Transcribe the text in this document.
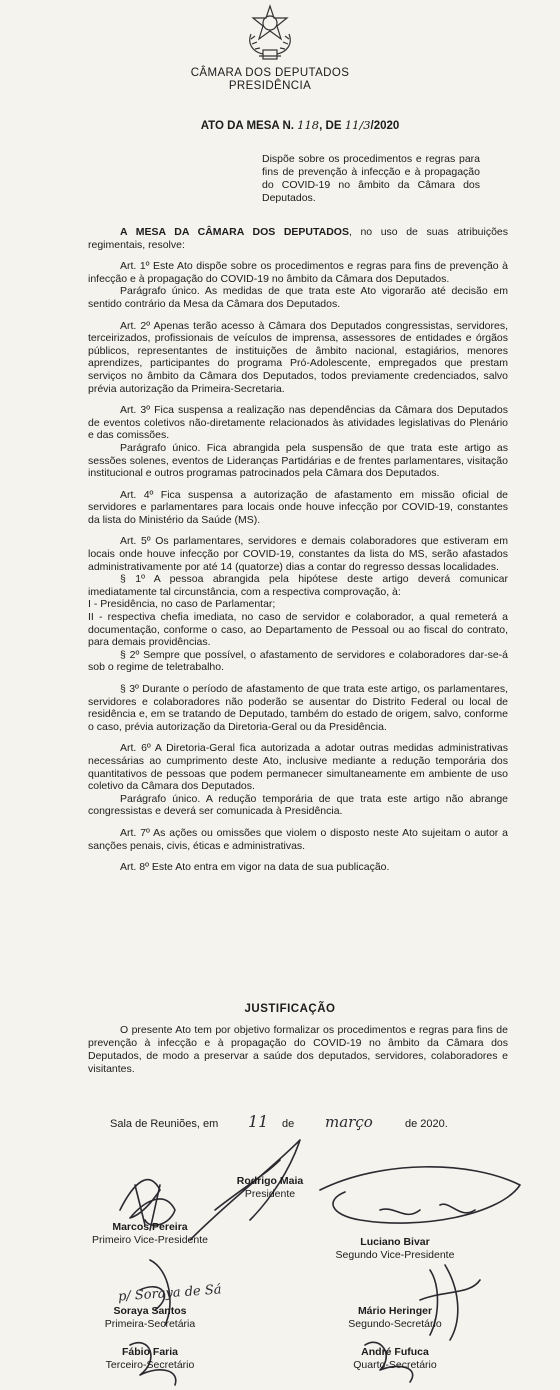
CÂMARA DOS DEPUTADOS
PRESIDÊNCIA
ATO DA MESA N. 118, DE 11/3/2020
Dispõe sobre os procedimentos e regras para fins de prevenção à infecção e à propagação do COVID-19 no âmbito da Câmara dos Deputados.

A MESA DA CÂMARA DOS DEPUTADOS, no uso de suas atribuições regimentais, resolve:

Art. 1º Este Ato dispõe sobre os procedimentos e regras para fins de prevenção à infecção e à propagação do COVID-19 no âmbito da Câmara dos Deputados.

Parágrafo único. As medidas de que trata este Ato vigorarão até decisão em sentido contrário da Mesa da Câmara dos Deputados.

Art. 2º Apenas terão acesso à Câmara dos Deputados congressistas, servidores, terceirizados, profissionais de veículos de imprensa, assessores de entidades e órgãos públicos, representantes de instituições de âmbito nacional, estagiários, menores aprendizes, participantes do programa Pró-Adolescente, empregados que prestam serviços no âmbito da Câmara dos Deputados, todos previamente credenciados, salvo prévia autorização da Primeira-Secretaria.

Art. 3º Fica suspensa a realização nas dependências da Câmara dos Deputados de eventos coletivos não-diretamente relacionados às atividades legislativas do Plenário e das comissões.

Parágrafo único. Fica abrangida pela suspensão de que trata este artigo as sessões solenes, eventos de Lideranças Partidárias e de frentes parlamentares, visitação institucional e outros programas patrocinados pela Câmara dos Deputados.

Art. 4º Fica suspensa a autorização de afastamento em missão oficial de servidores e parlamentares para locais onde houve infecção por COVID-19, constantes da lista do Ministério da Saúde (MS).

Art. 5º Os parlamentares, servidores e demais colaboradores que estiveram em locais onde houve infecção por COVID-19, constantes da lista do MS, serão afastados administrativamente por até 14 (quatorze) dias a contar do regresso dessas localidades.

§ 1º A pessoa abrangida pela hipótese deste artigo deverá comunicar imediatamente tal circunstância, com a respectiva comprovação, à:

I - Presidência, no caso de Parlamentar;

II - respectiva chefia imediata, no caso de servidor e colaborador, a qual remeterá a documentação, conforme o caso, ao Departamento de Pessoal ou ao fiscal do contrato, para demais providências.

§ 2º Sempre que possível, o afastamento de servidores e colaboradores dar-se-á sob o regime de teletrabalho.

§ 3º Durante o período de afastamento de que trata este artigo, os parlamentares, servidores e colaboradores não poderão se ausentar do Distrito Federal ou local de residência e, em se tratando de Deputado, também do estado de origem, salvo, conforme o caso, prévia autorização da Diretoria-Geral ou da Presidência.

Art. 6º A Diretoria-Geral fica autorizada a adotar outras medidas administrativas necessárias ao cumprimento deste Ato, inclusive mediante a redução temporária dos quantitativos de pessoas que podem permanecer simultaneamente em ambiente de uso coletivo da Câmara dos Deputados.

Parágrafo único. A redução temporária de que trata este artigo não abrange congressistas e deverá ser comunicada à Presidência.

Art. 7º As ações ou omissões que violem o disposto neste Ato sujeitam o autor a sanções penais, civis, éticas e administrativas.

Art. 8º Este Ato entra em vigor na data de sua publicação.

JUSTIFICAÇÃO

O presente Ato tem por objetivo formalizar os procedimentos e regras para fins de prevenção à infecção e à propagação do COVID-19 no âmbito da Câmara dos Deputados, de modo a preservar a saúde dos deputados, servidores, colaboradores e visitantes.

Sala de Reuniões, em 11 de março	de 2020.
p/ Soraya de Sá
Rodrigo Maia
Presidente
Marcos Pereira
Primeiro Vice-Presidente	Luciano Bivar
Segundo Vice-Presidente
Soraya Santos
Primeira-Secretária
Mário Heringer
Segundo-Secretário
Fábio Faria
Terceiro-Secretário
André Fufuca
Quarto-Secretário
